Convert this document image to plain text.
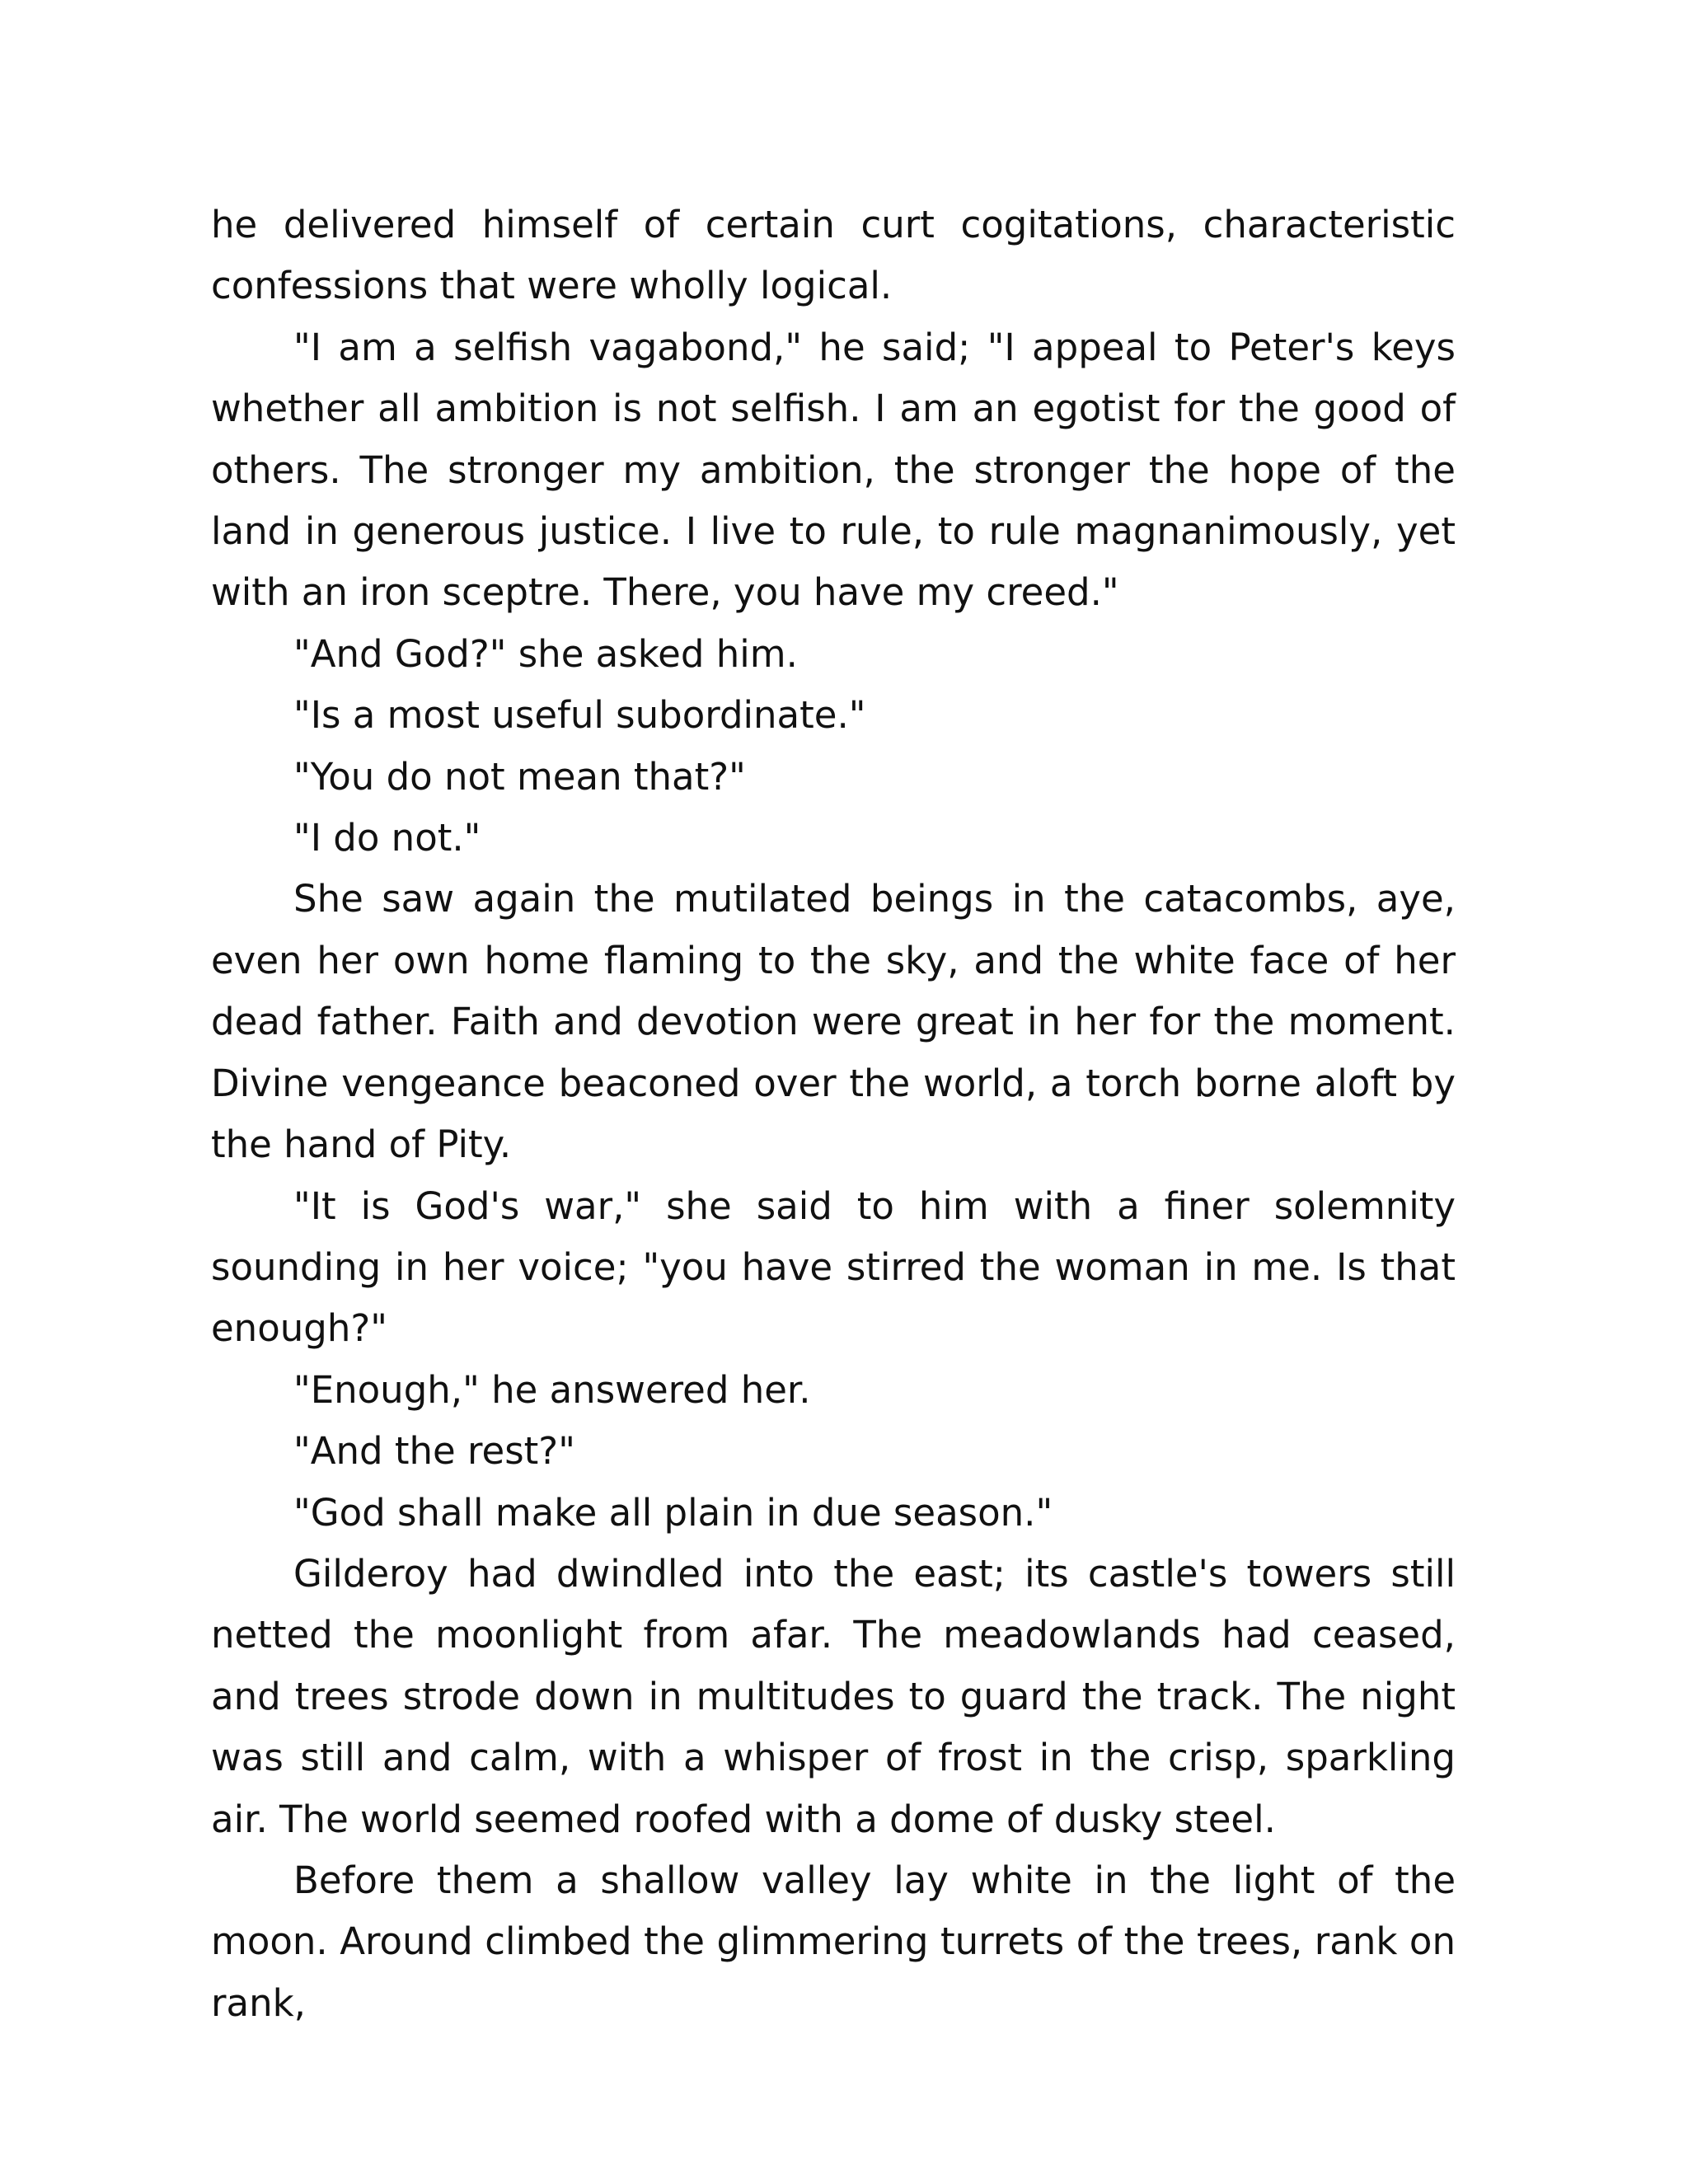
he delivered himself of certain curt cogitations, characteristic confessions that were wholly logical.

"I am a selfish vagabond," he said; "I appeal to Peter's keys whether all ambition is not selfish. I am an egotist for the good of others. The stronger my ambition, the stronger the hope of the land in generous justice. I live to rule, to rule magnanimously, yet with an iron sceptre. There, you have my creed."

"And God?" she asked him.

"Is a most useful subordinate."

"You do not mean that?"

"I do not."

She saw again the mutilated beings in the catacombs, aye, even her own home flaming to the sky, and the white face of her dead father. Faith and devotion were great in her for the moment. Divine vengeance beaconed over the world, a torch borne aloft by the hand of Pity.

"It is God's war," she said to him with a finer solemnity sounding in her voice; "you have stirred the woman in me. Is that enough?"

"Enough," he answered her.

"And the rest?"

"God shall make all plain in due season."

Gilderoy had dwindled into the east; its castle's towers still netted the moonlight from afar. The meadowlands had ceased, and trees strode down in multitudes to guard the track. The night was still and calm, with a whisper of frost in the crisp, sparkling air. The world seemed roofed with a dome of dusky steel.

Before them a shallow valley lay white in the light of the moon. Around climbed the glimmering turrets of the trees, rank on rank,
